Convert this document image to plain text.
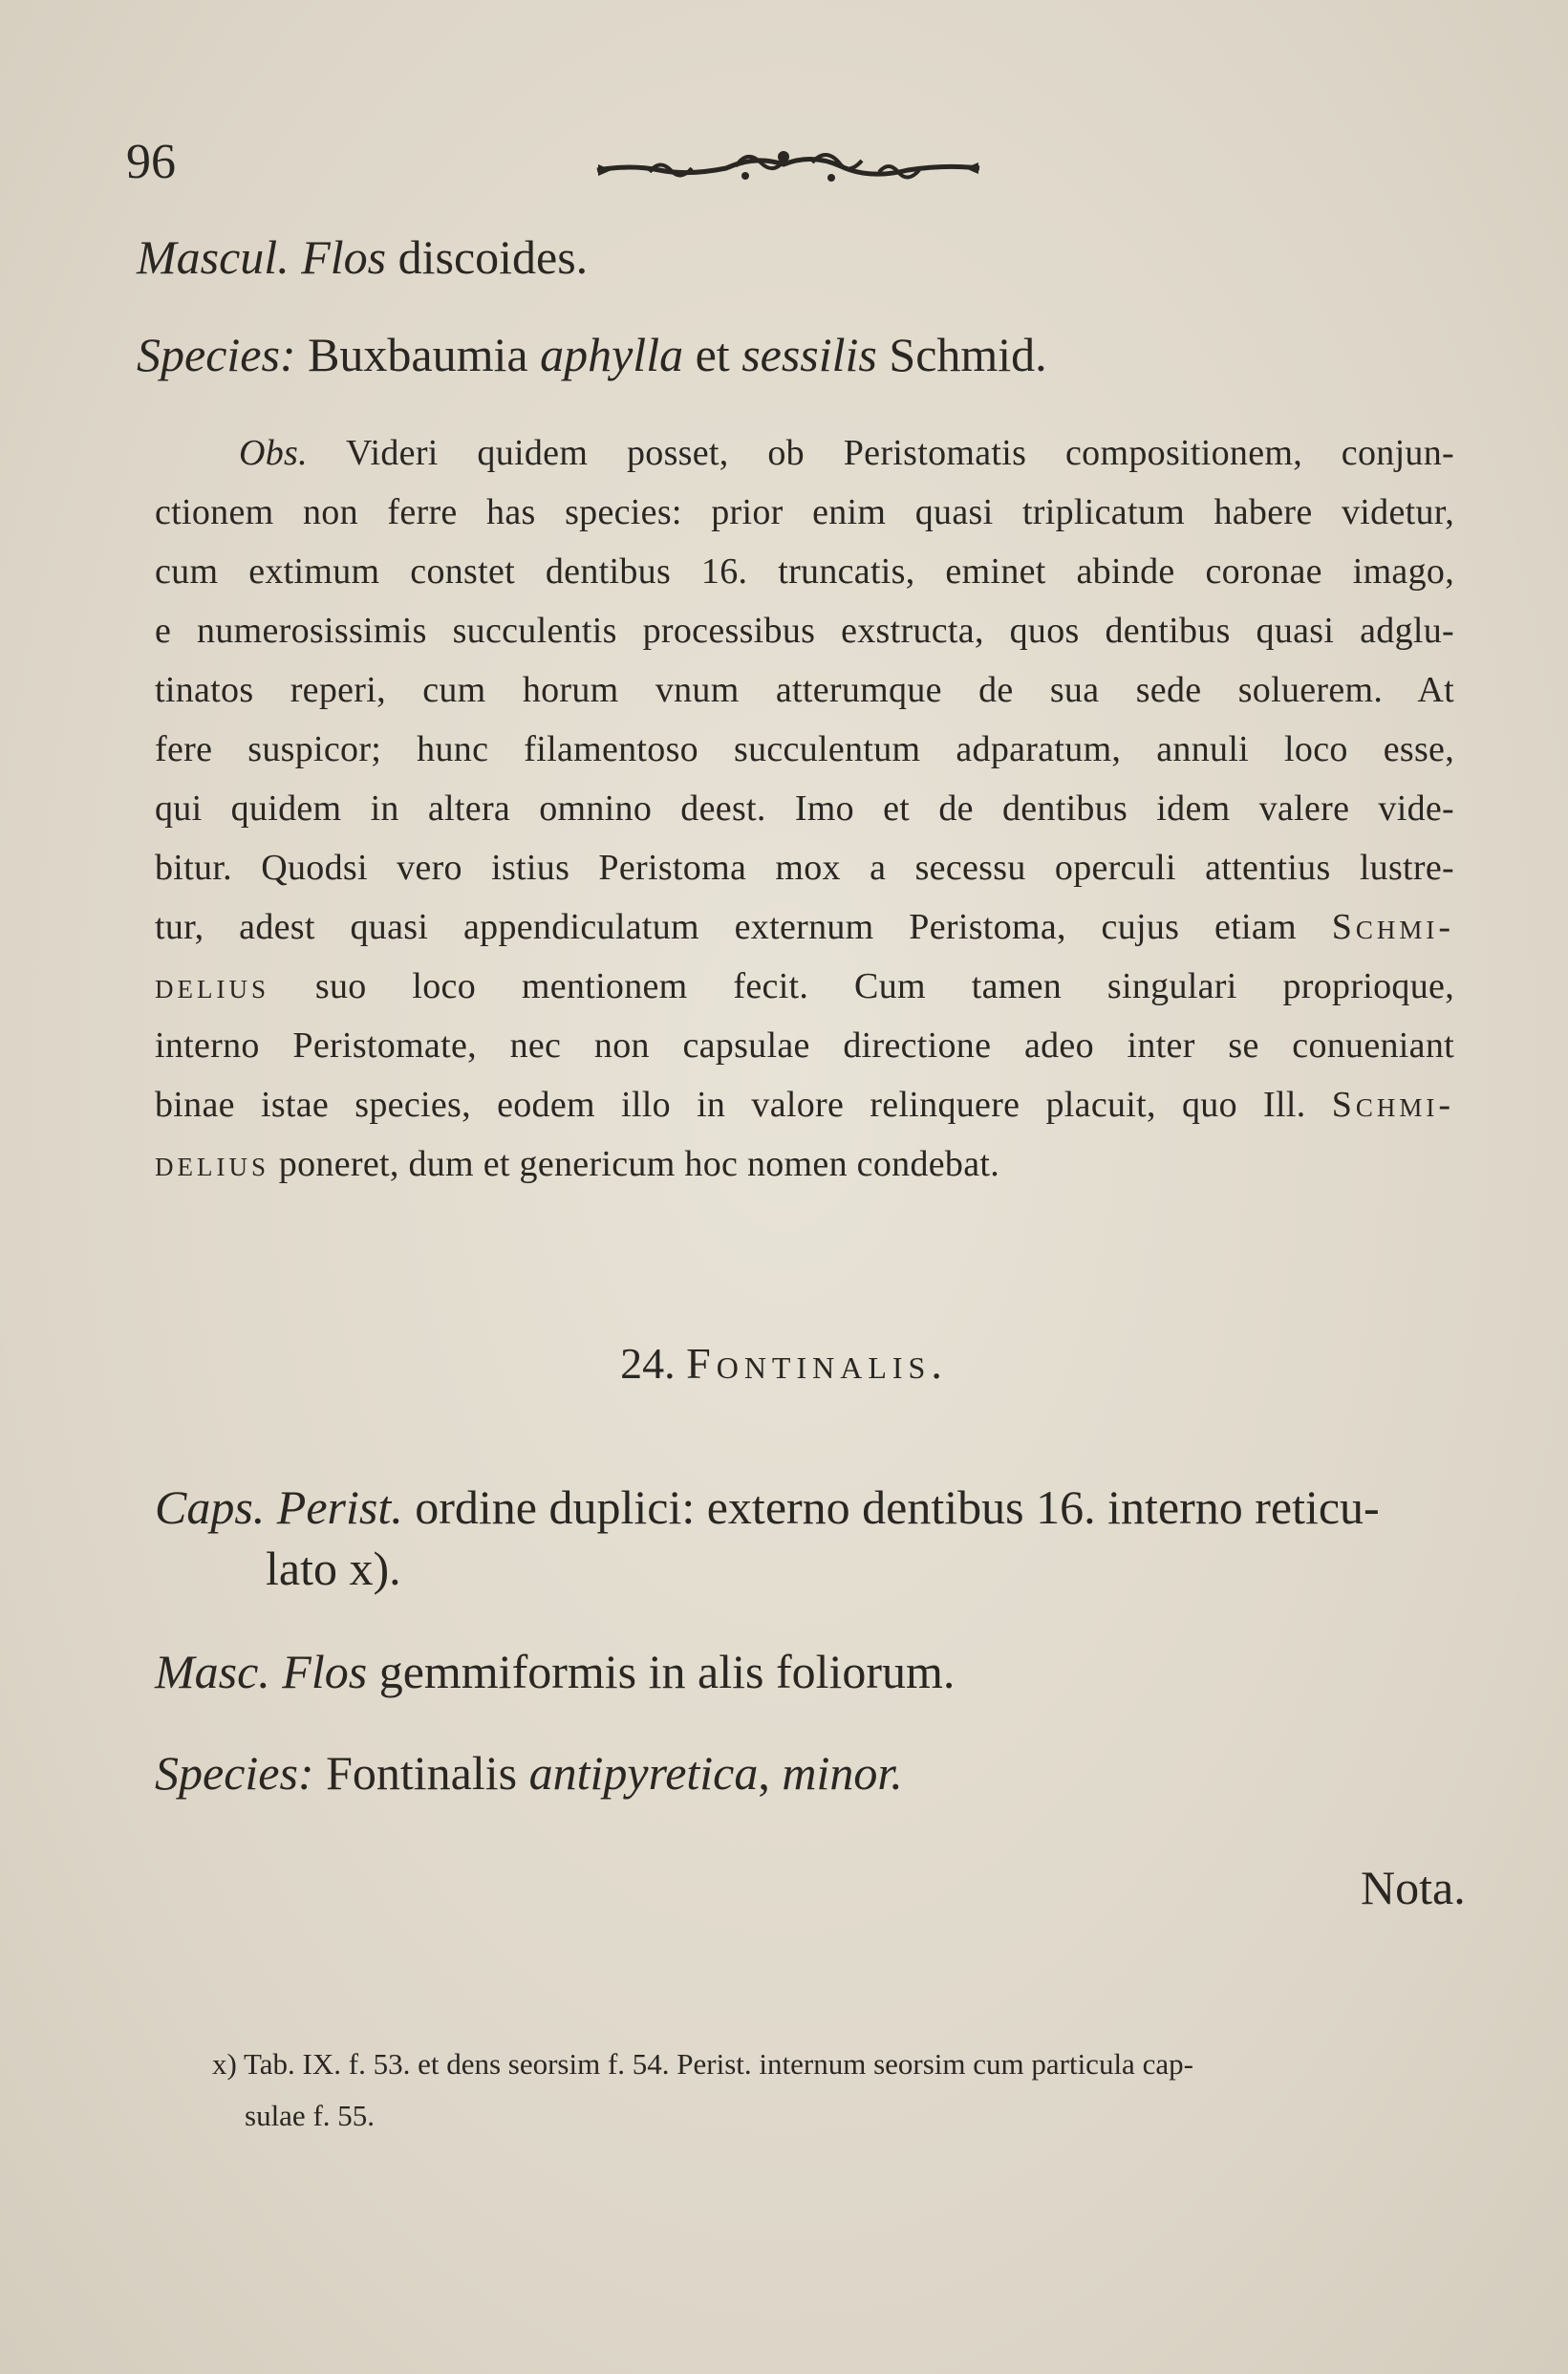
96
Mascul. Flos discoides.
Species: Buxbaumia aphylla et sessilis Schmid.
Obs. Videri quidem posset, ob Peristomatis compositionem, conjun-
ctionem non ferre has species: prior enim quasi triplicatum habere videtur,
cum extimum constet dentibus 16. truncatis, eminet abinde coronae imago,
e numerosissimis succulentis processibus exstructa, quos dentibus quasi adglu-
tinatos reperi, cum horum vnum atterumque de sua sede soluerem. At
fere suspicor; hunc filamentoso succulentum adparatum, annuli loco esse,
qui quidem in altera omnino deest. Imo et de dentibus idem valere vide-
bitur. Quodsi vero istius Peristoma mox a secessu operculi attentius lustre-
tur, adest quasi appendiculatum externum Peristoma, cujus etiam Schmi-
delius suo loco mentionem fecit. Cum tamen singulari proprioque,
interno Peristomate, nec non capsulae directione adeo inter se conueniant
binae istae species, eodem illo in valore relinquere placuit, quo Ill. Schmi-
delius poneret, dum et genericum hoc nomen condebat.
24. Fontinalis.
Caps. Perist. ordine duplici: externo dentibus 16. interno reticu-
lato x).
Masc. Flos gemmiformis in alis foliorum.
Species: Fontinalis antipyretica, minor.
Nota.
x) Tab. IX. f. 53. et dens seorsim f. 54. Perist. internum seorsim cum particula cap-
sulae f. 55.
